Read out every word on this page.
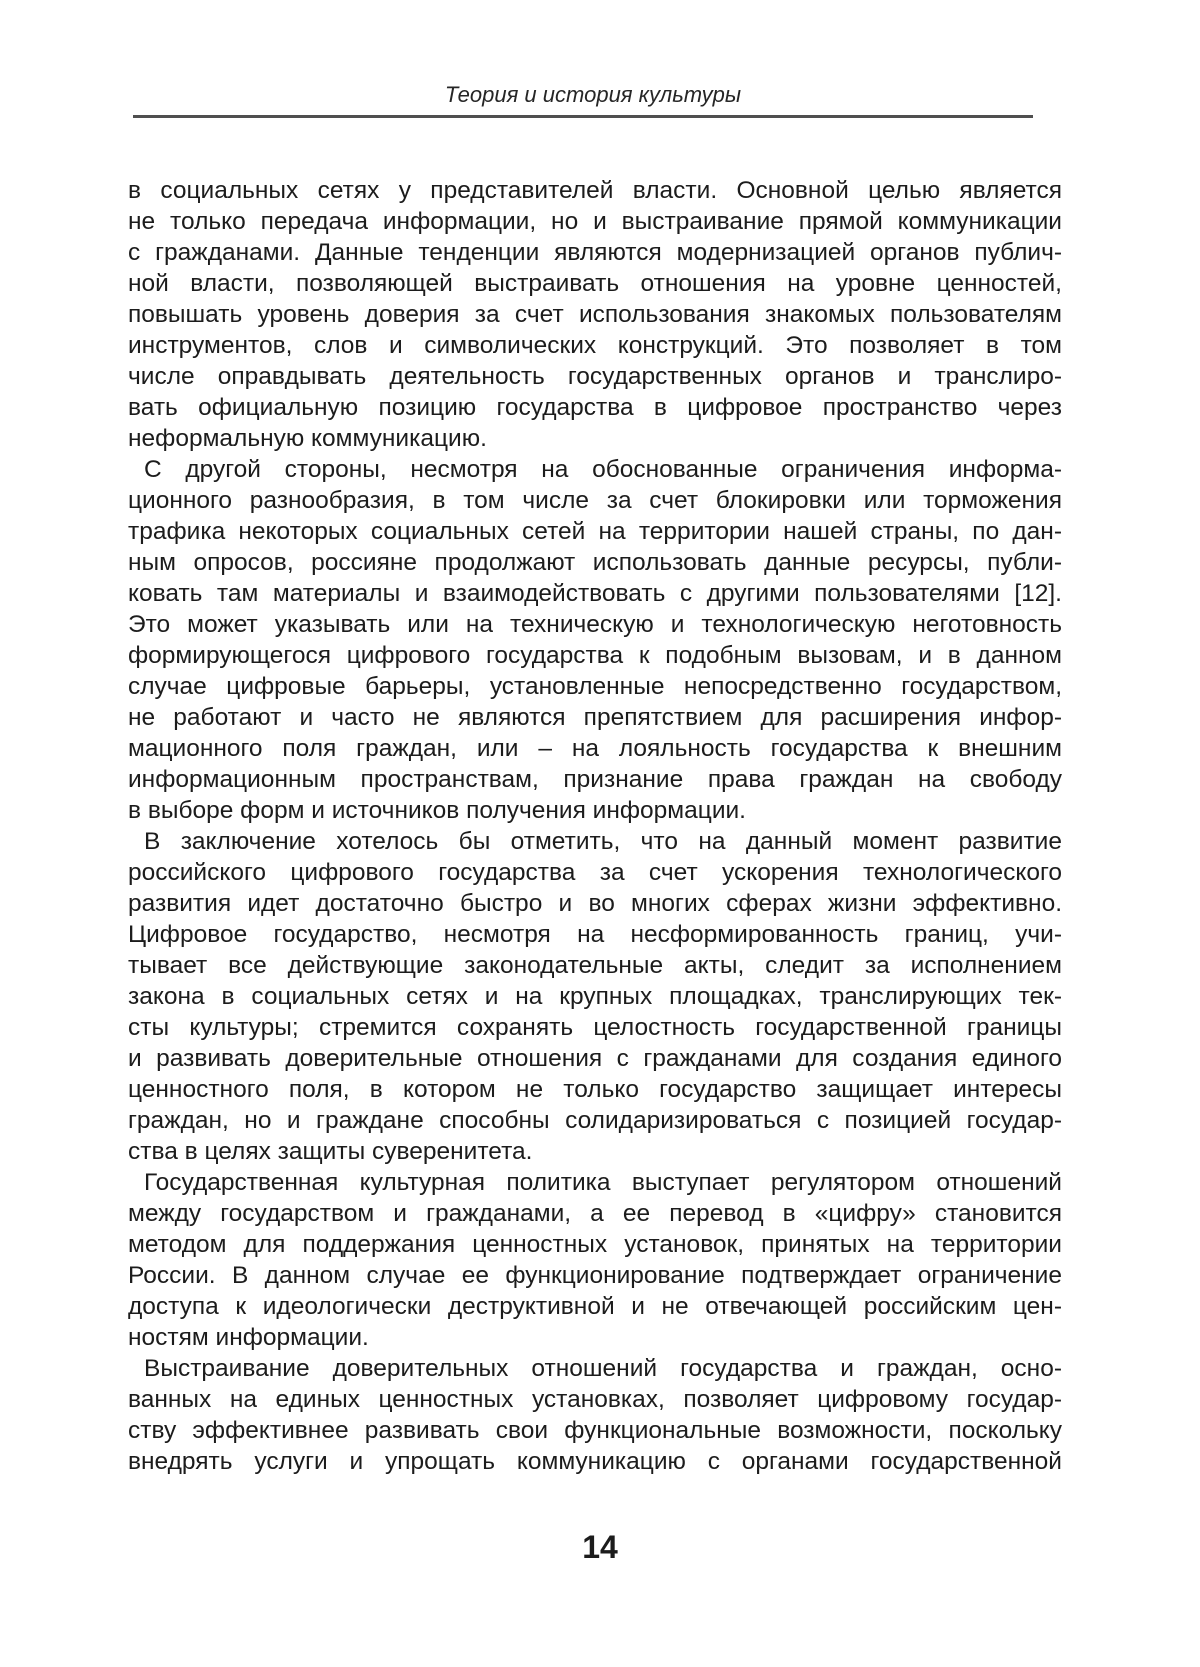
Теория и история культуры
в социальных сетях у представителей власти. Основной целью является
не только передача информации, но и выстраивание прямой коммуникации
с гражданами. Данные тенденции являются модернизацией органов публич-
ной власти, позволяющей выстраивать отношения на уровне ценностей,
повышать уровень доверия за счет использования знакомых пользователям
инструментов, слов и символических конструкций. Это позволяет в том
числе оправдывать деятельность государственных органов и транслиро-
вать официальную позицию государства в цифровое пространство через
неформальную коммуникацию.
С другой стороны, несмотря на обоснованные ограничения информа-
ционного разнообразия, в том числе за счет блокировки или торможения
трафика некоторых социальных сетей на территории нашей страны, по дан-
ным опросов, россияне продолжают использовать данные ресурсы, публи-
ковать там материалы и взаимодействовать с другими пользователями [12].
Это может указывать или на техническую и технологическую неготовность
формирующегося цифрового государства к подобным вызовам, и в данном
случае цифровые барьеры, установленные непосредственно государством,
не работают и часто не являются препятствием для расширения инфор-
мационного поля граждан, или – на лояльность государства к внешним
информационным пространствам, признание права граждан на свободу
в выборе форм и источников получения информации.
В заключение хотелось бы отметить, что на данный момент развитие
российского цифрового государства за счет ускорения технологического
развития идет достаточно быстро и во многих сферах жизни эффективно.
Цифровое государство, несмотря на несформированность границ, учи-
тывает все действующие законодательные акты, следит за исполнением
закона в социальных сетях и на крупных площадках, транслирующих тек-
сты культуры; стремится сохранять целостность государственной границы
и развивать доверительные отношения с гражданами для создания единого
ценностного поля, в котором не только государство защищает интересы
граждан, но и граждане способны солидаризироваться с позицией государ-
ства в целях защиты суверенитета.
Государственная культурная политика выступает регулятором отношений
между государством и гражданами, а ее перевод в «цифру» становится
методом для поддержания ценностных установок, принятых на территории
России. В данном случае ее функционирование подтверждает ограничение
доступа к идеологически деструктивной и не отвечающей российским цен-
ностям информации.
Выстраивание доверительных отношений государства и граждан, осно-
ванных на единых ценностных установках, позволяет цифровому государ-
ству эффективнее развивать свои функциональные возможности, поскольку
внедрять услуги и упрощать коммуникацию с органами государственной
14
